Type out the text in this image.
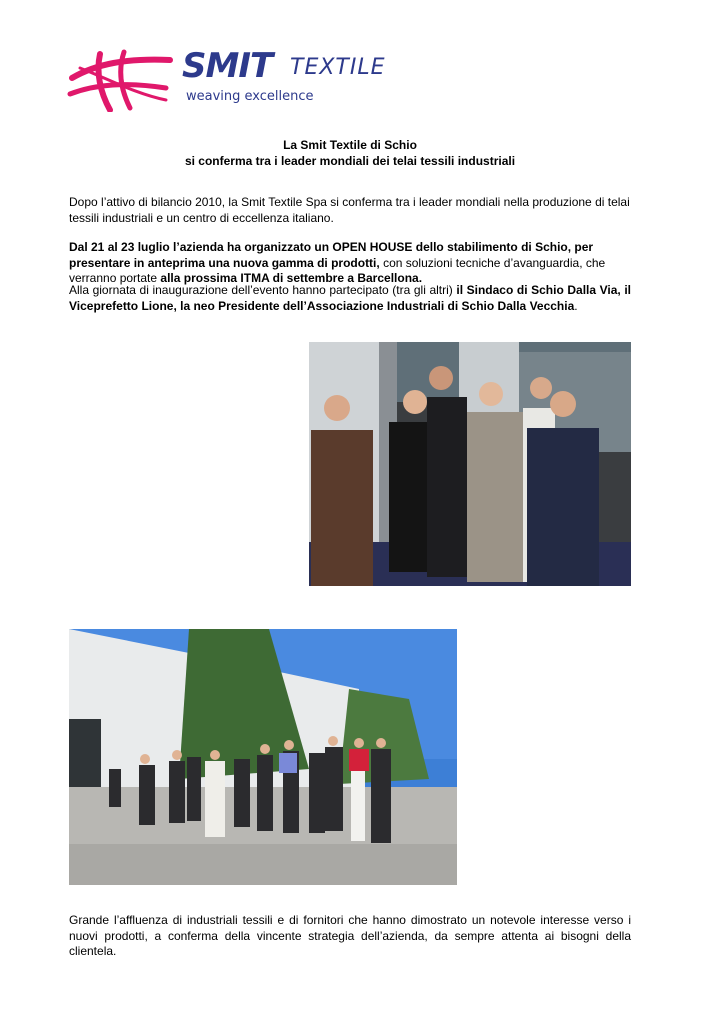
SMIT TEXTILE
weaving excellence
La Smit Textile di Schio
si conferma tra i leader mondiali dei telai tessili industriali
Dopo l’attivo di bilancio 2010, la Smit Textile Spa si conferma tra i leader mondiali nella produzione di telai tessili industriali e un centro di eccellenza italiano.
Dal 21 al 23 luglio l’azienda ha organizzato un OPEN HOUSE dello stabilimento di Schio, per presentare in anteprima una nuova gamma di prodotti, con soluzioni tecniche d’avanguardia, che verranno portate alla prossima ITMA di settembre a Barcellona.
Alla giornata di inaugurazione dell’evento hanno partecipato (tra gli altri) il Sindaco di Schio Dalla Via, il Viceprefetto Lione, la neo Presidente dell’Associazione Industriali di Schio Dalla Vecchia.
Grande l’affluenza di industriali tessili e di fornitori che hanno dimostrato un notevole interesse verso i nuovi prodotti, a conferma della vincente strategia dell’azienda, da sempre attenta ai bisogni della clientela.
